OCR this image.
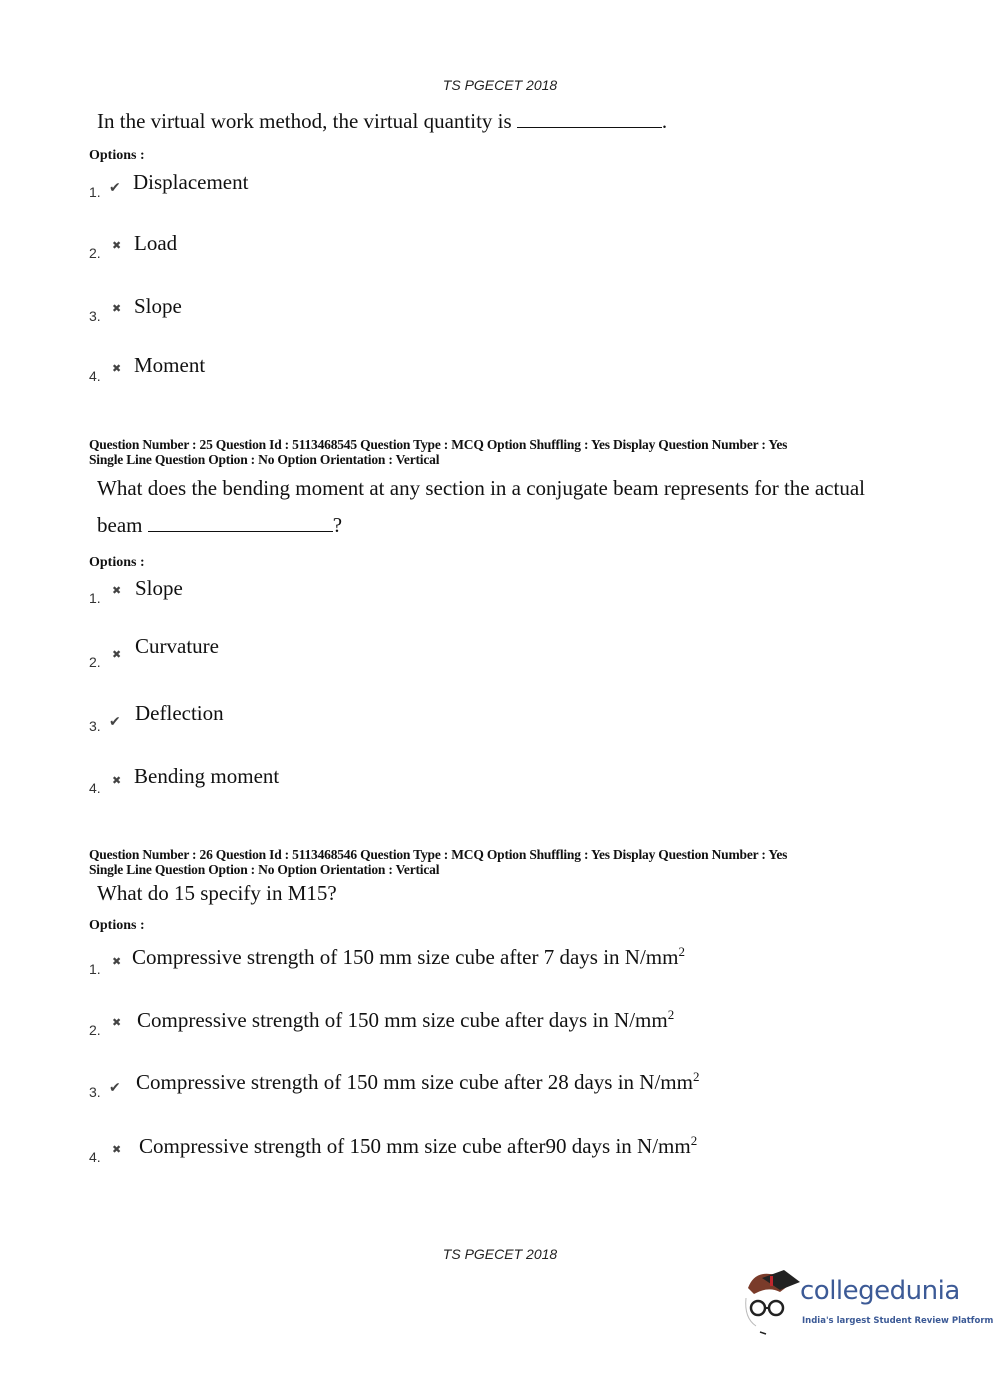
TS PGECET 2018
In the virtual work method, the virtual quantity is	.
Options :
1. ✔ Displacement
2. ✖ Load
3. ✖ Slope
4. ✖ Moment
Question Number : 25 Question Id : 5113468545 Question Type : MCQ Option Shuffling : Yes Display Question Number : Yes
Single Line Question Option : No Option Orientation : Vertical
What does the bending moment at any section in a conjugate beam represents for the actual
beam	?
Options :
1. ✖ Slope
2. ✖ Curvature
3. ✔ Deflection
4. ✖ Bending moment
Question Number : 26 Question Id : 5113468546 Question Type : MCQ Option Shuffling : Yes Display Question Number : Yes
Single Line Question Option : No Option Orientation : Vertical
What do 15 specify in M15?
Options :
1. ✖ Compressive strength of 150 mm size cube after 7 days in $N/mm^2$
2. ✖ Compressive strength of 150 mm size cube after days in $N/mm^2$
3. ✔ Compressive strength of 150 mm size cube after 28 days in $N/mm^2$
4. ✖ Compressive strength of 150 mm size cube after90 days in $N/mm^2$
TS PGECET 2018
collegedunia
India's largest Student Review Platform
